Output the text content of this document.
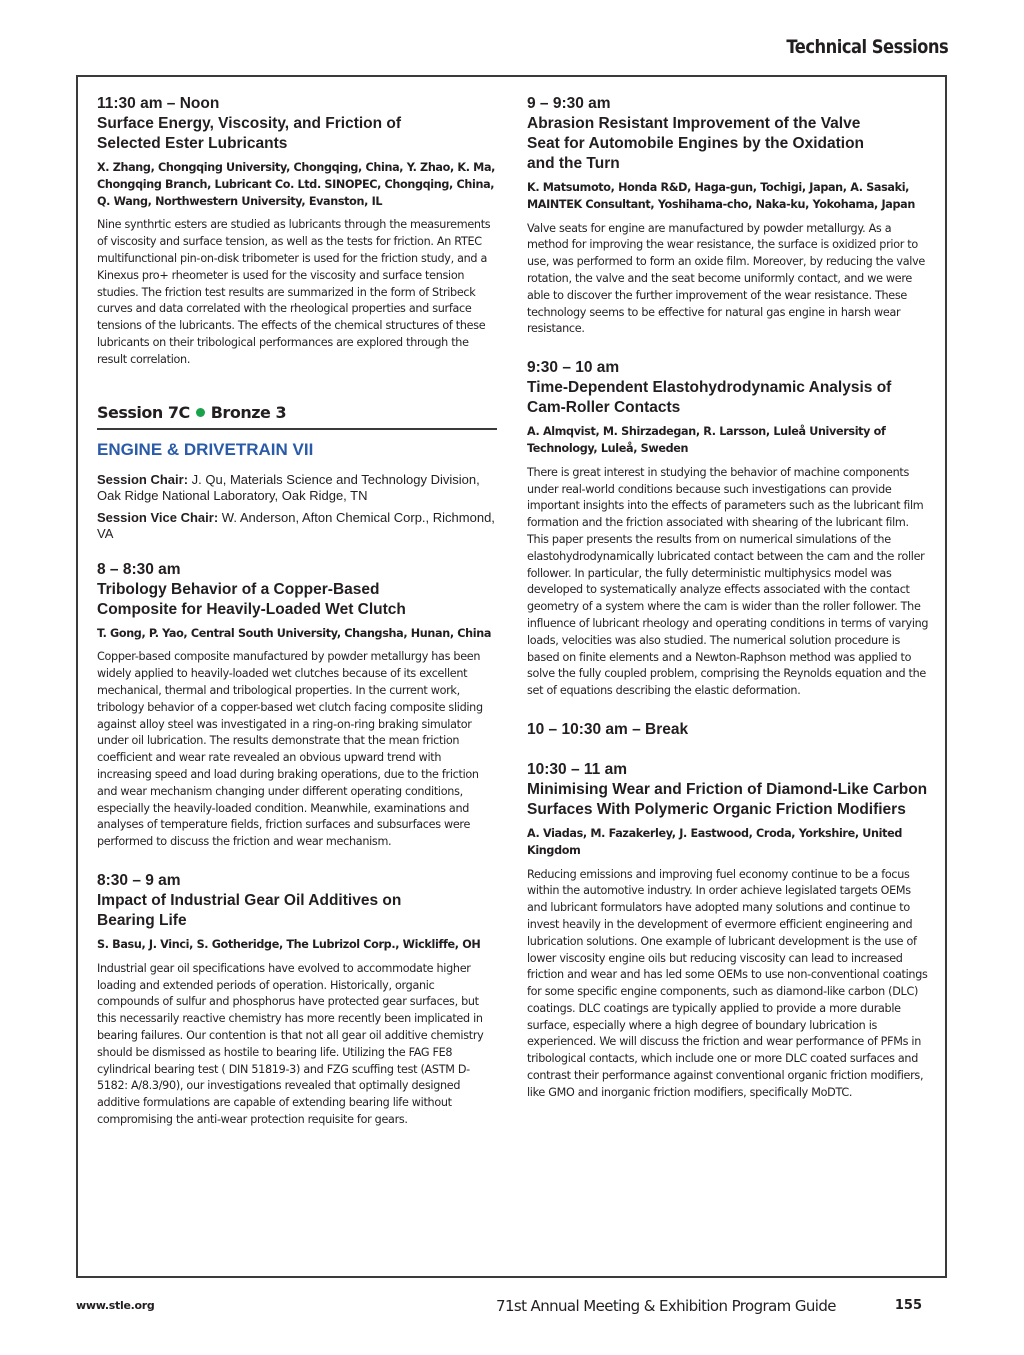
Technical Sessions
11:30 am – Noon
Surface Energy, Viscosity, and Friction of Selected Ester Lubricants
X. Zhang, Chongqing University, Chongqing, China, Y. Zhao, K. Ma, Chongqing Branch, Lubricant Co. Ltd. SINOPEC, Chongqing, China, Q. Wang, Northwestern University, Evanston, IL
Nine synthrtic esters are studied as lubricants through the measurements of viscosity and surface tension, as well as the tests for friction. An RTEC multifunctional pin-on-disk tribometer is used for the friction study, and a Kinexus pro+ rheometer is used for the viscosity and surface tension studies. The friction test results are summarized in the form of Stribeck curves and data correlated with the rheological properties and surface tensions of the lubricants. The effects of the chemical structures of these lubricants on their tribological performances are explored through the result correlation.
Session 7C Bronze 3
ENGINE & DRIVETRAIN VII
Session Chair: J. Qu, Materials Science and Technology Division, Oak Ridge National Laboratory, Oak Ridge, TN
Session Vice Chair: W. Anderson, Afton Chemical Corp., Richmond, VA
8 – 8:30 am
Tribology Behavior of a Copper-Based Composite for Heavily-Loaded Wet Clutch
T. Gong, P. Yao, Central South University, Changsha, Hunan, China
Copper-based composite manufactured by powder metallurgy has been widely applied to heavily-loaded wet clutches because of its excellent mechanical, thermal and tribological properties. In the current work, tribology behavior of a copper-based wet clutch facing composite sliding against alloy steel was investigated in a ring-on-ring braking simulator under oil lubrication. The results demonstrate that the mean friction coefficient and wear rate revealed an obvious upward trend with increasing speed and load during braking operations, due to the friction and wear mechanism changing under different operating conditions, especially the heavily-loaded condition. Meanwhile, examinations and analyses of temperature fields, friction surfaces and subsurfaces were performed to discuss the friction and wear mechanism.
8:30 – 9 am
Impact of Industrial Gear Oil Additives on Bearing Life
S. Basu, J. Vinci, S. Gotheridge, The Lubrizol Corp., Wickliffe, OH
Industrial gear oil specifications have evolved to accommodate higher loading and extended periods of operation. Historically, organic compounds of sulfur and phosphorus have protected gear surfaces, but this necessarily reactive chemistry has more recently been implicated in bearing failures. Our contention is that not all gear oil additive chemistry should be dismissed as hostile to bearing life. Utilizing the FAG FE8 cylindrical bearing test ( DIN 51819-3) and FZG scuffing test (ASTM D-5182: A/8.3/90), our investigations revealed that optimally designed additive formulations are capable of extending bearing life without compromising the anti-wear protection requisite for gears.
9 – 9:30 am
Abrasion Resistant Improvement of the Valve Seat for Automobile Engines by the Oxidation and the Turn
K. Matsumoto, Honda R&D, Haga-gun, Tochigi, Japan, A. Sasaki, MAINTEK Consultant, Yoshihama-cho, Naka-ku, Yokohama, Japan
Valve seats for engine are manufactured by powder metallurgy. As a method for improving the wear resistance, the surface is oxidized prior to use, was performed to form an oxide film. Moreover, by reducing the valve rotation, the valve and the seat become uniformly contact, and we were able to discover the further improvement of the wear resistance. These technology seems to be effective for natural gas engine in harsh wear resistance.
9:30 – 10 am
Time-Dependent Elastohydrodynamic Analysis of Cam-Roller Contacts
A. Almqvist, M. Shirzadegan, R. Larsson, Luleå University of Technology, Luleå, Sweden
There is great interest in studying the behavior of machine components under real-world conditions because such investigations can provide important insights into the effects of parameters such as the lubricant film formation and the friction associated with shearing of the lubricant film. This paper presents the results from on numerical simulations of the elastohydrodynamically lubricated contact between the cam and the roller follower. In particular, the fully deterministic multiphysics model was developed to systematically analyze effects associated with the contact geometry of a system where the cam is wider than the roller follower. The influence of lubricant rheology and operating conditions in terms of varying loads, velocities was also studied. The numerical solution procedure is based on finite elements and a Newton-Raphson method was applied to solve the fully coupled problem, comprising the Reynolds equation and the set of equations describing the elastic deformation.
10 – 10:30 am – Break
10:30 – 11 am
Minimising Wear and Friction of Diamond-Like Carbon Surfaces With Polymeric Organic Friction Modifiers
A. Viadas, M. Fazakerley, J. Eastwood, Croda, Yorkshire, United Kingdom
Reducing emissions and improving fuel economy continue to be a focus within the automotive industry. In order achieve legislated targets OEMs and lubricant formulators have adopted many solutions and continue to invest heavily in the development of evermore efficient engineering and lubrication solutions. One example of lubricant development is the use of lower viscosity engine oils but reducing viscosity can lead to increased friction and wear and has led some OEMs to use non-conventional coatings for some specific engine components, such as diamond-like carbon (DLC) coatings. DLC coatings are typically applied to provide a more durable surface, especially where a high degree of boundary lubrication is experienced. We will discuss the friction and wear performance of PFMs in tribological contacts, which include one or more DLC coated surfaces and contrast their performance against conventional organic friction modifiers, like GMO and inorganic friction modifiers, specifically MoDTC.
www.stle.org	71st Annual Meeting & Exhibition Program Guide	155
